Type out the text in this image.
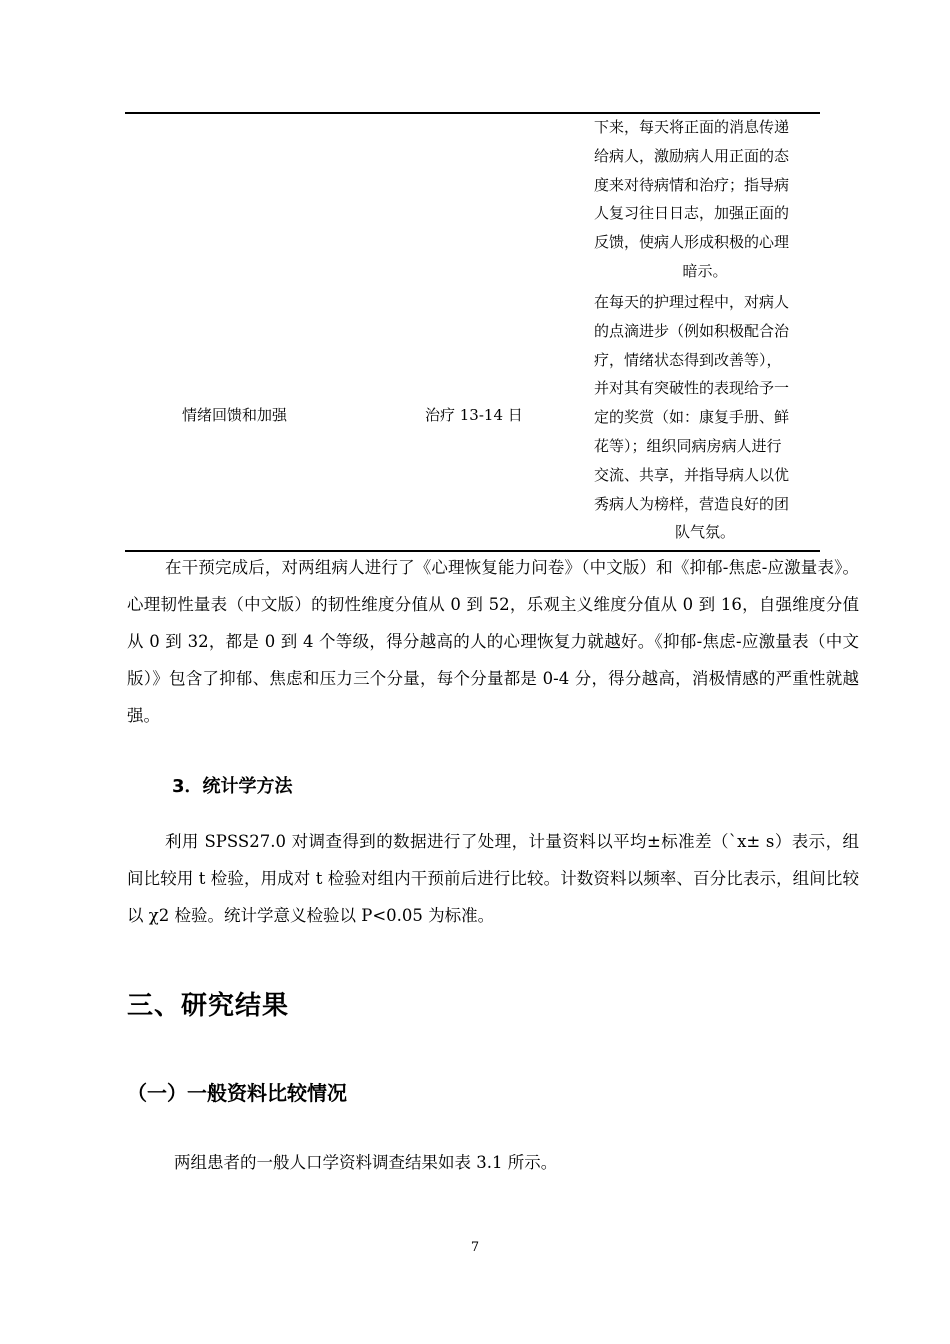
下来，每天将正面的消息传递
给病人，激励病人用正面的态
度来对待病情和治疗；指导病
人复习往日日志，加强正面的
反馈，使病人形成积极的心理

暗示。
情绪回馈和加强	治疗 13-14 日
在每天的护理过程中，对病人
的点滴进步（例如积极配合治
疗，情绪状态得到改善等），
并对其有突破性的表现给予一
定的奖赏（如：康复手册、鲜
花等）；组织同病房病人进行
交流、共享，并指导病人以优
秀病人为榜样，营造良好的团

队气氛。
在干预完成后，对两组病人进行了《心理恢复能力问卷》（中文版）和《抑郁-焦虑-应激量表》。心理韧性量表（中文版）的韧性维度分值从 0 到 52，乐观主义维度分值从 0 到 16，自强维度分值从 0 到 32，都是 0 到 4 个等级，得分越高的人的心理恢复力就越好。《抑郁-焦虑-应激量表（中文版）》包含了抑郁、焦虑和压力三个分量，每个分量都是 0-4 分，得分越高，消极情感的严重性就越强。
3．统计学方法
利用 SPSS27.0 对调查得到的数据进行了处理，计量资料以平均±标准差（`x± s）表示，组间比较用 t 检验，用成对 t 检验对组内干预前后进行比较。计数资料以频率、百分比表示，组间比较以 χ2 检验。统计学意义检验以 P<0.05 为标准。
三、研究结果
（一）一般资料比较情况
两组患者的一般人口学资料调查结果如表 3.1 所示。
7
